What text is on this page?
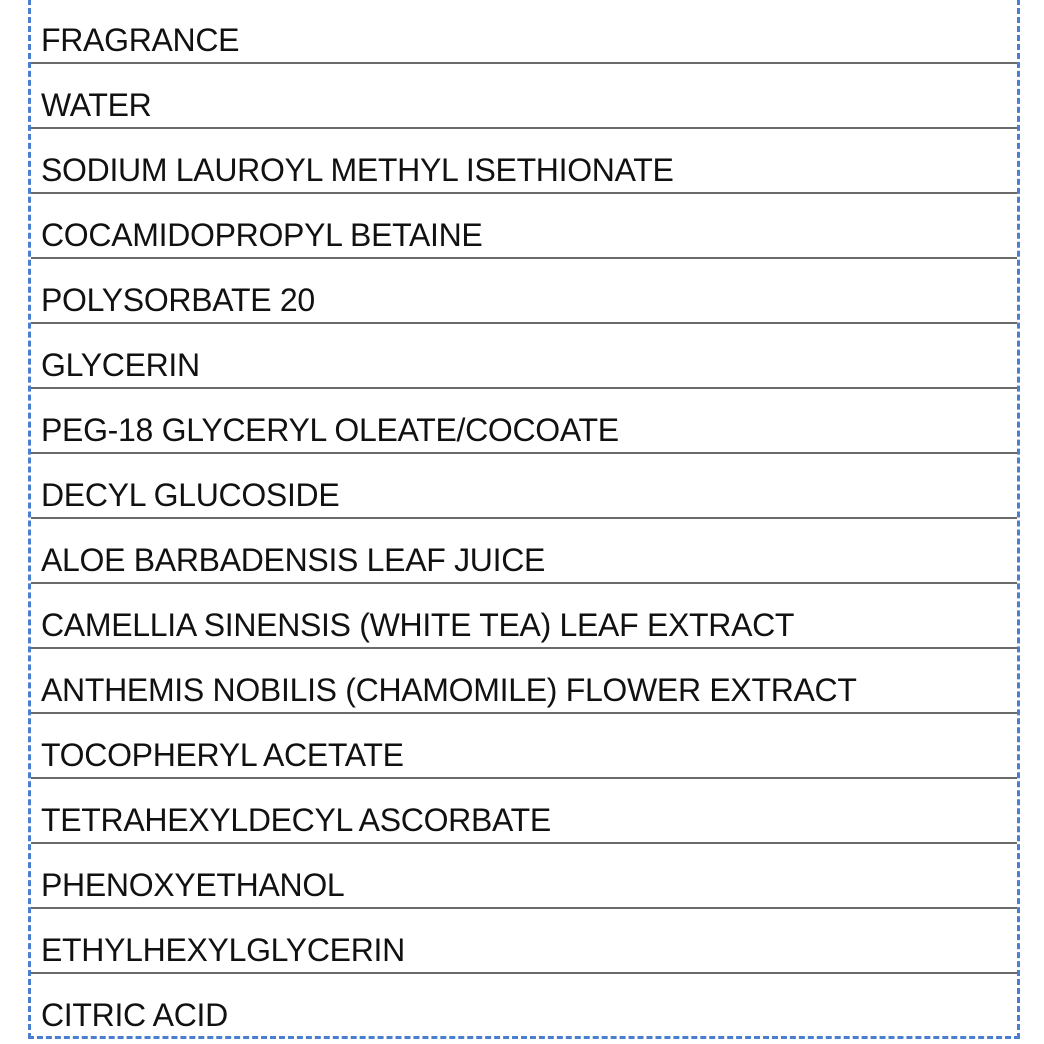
FRAGRANCE
WATER
SODIUM LAUROYL METHYL ISETHIONATE
COCAMIDOPROPYL BETAINE
POLYSORBATE 20
GLYCERIN
PEG-18 GLYCERYL OLEATE/COCOATE
DECYL GLUCOSIDE
ALOE BARBADENSIS LEAF JUICE
CAMELLIA SINENSIS (WHITE TEA) LEAF EXTRACT
ANTHEMIS NOBILIS (CHAMOMILE) FLOWER EXTRACT
TOCOPHERYL ACETATE
TETRAHEXYLDECYL ASCORBATE
PHENOXYETHANOL
ETHYLHEXYLGLYCERIN
CITRIC ACID
